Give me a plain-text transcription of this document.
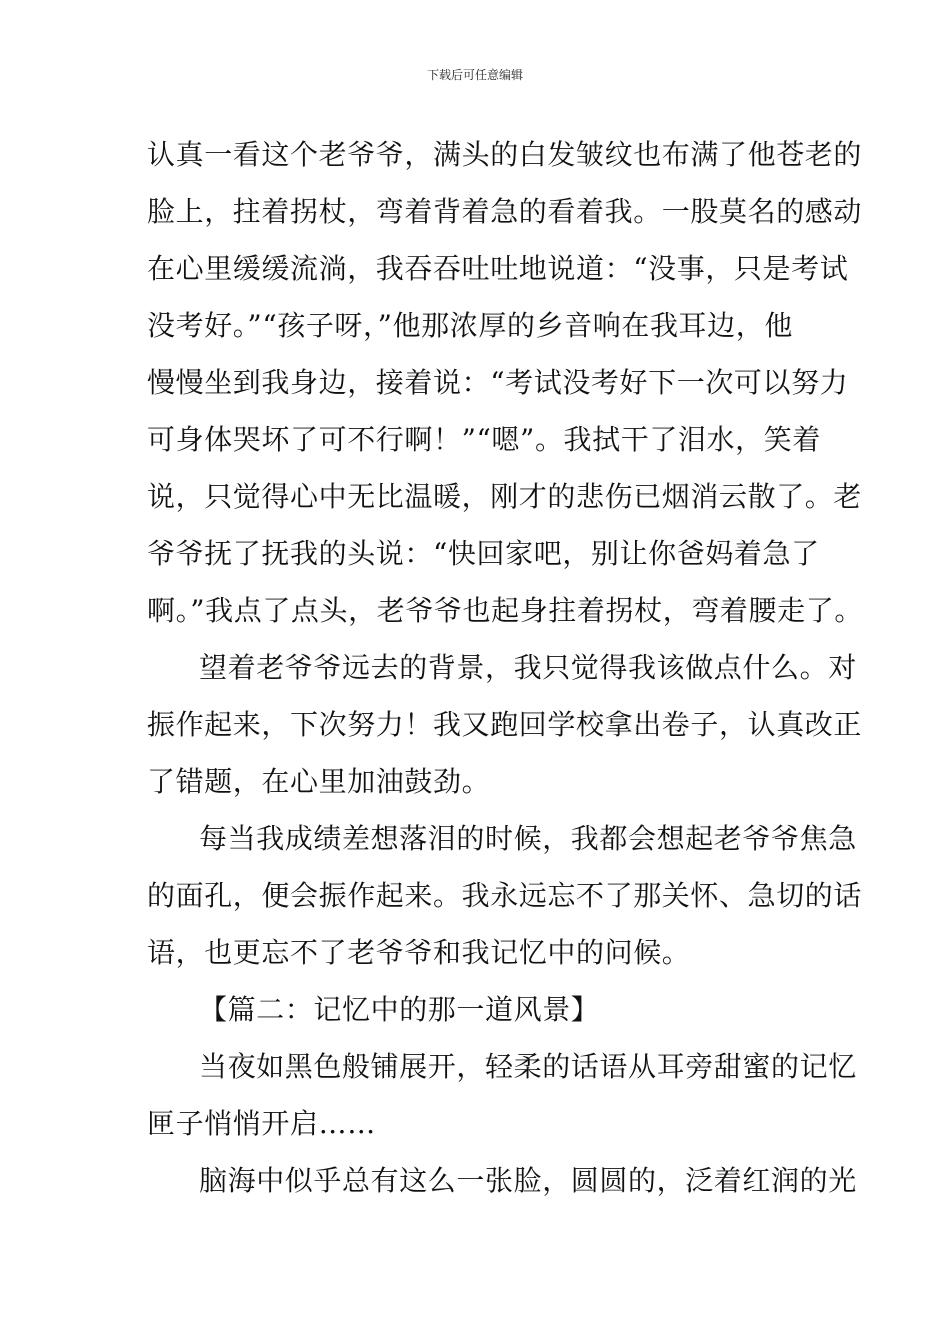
下载后可任意编辑
认真一看这个老爷爷，满头的白发皱纹也布满了他苍老的
脸上，拄着拐杖，弯着背着急的看着我。一股莫名的感动
在心里缓缓流淌，我吞吞吐吐地说道：“没事，只是考试
没考好。”“孩子呀，”他那浓厚的乡音响在我耳边，他
慢慢坐到我身边，接着说：“考试没考好下一次可以努力
可身体哭坏了可不行啊！”“嗯”。我拭干了泪水，笑着
说，只觉得心中无比温暖，刚才的悲伤已烟消云散了。老
爷爷抚了抚我的头说：“快回家吧，别让你爸妈着急了
啊。”我点了点头，老爷爷也起身拄着拐杖，弯着腰走了。
望着老爷爷远去的背景，我只觉得我该做点什么。对
振作起来，下次努力！我又跑回学校拿出卷子，认真改正
了错题，在心里加油鼓劲。
每当我成绩差想落泪的时候，我都会想起老爷爷焦急
的面孔，便会振作起来。我永远忘不了那关怀、急切的话
语，也更忘不了老爷爷和我记忆中的问候。
【篇二：记忆中的那一道风景】
当夜如黑色般铺展开，轻柔的话语从耳旁甜蜜的记忆
匣子悄悄开启……
脑海中似乎总有这么一张脸，圆圆的，泛着红润的光
